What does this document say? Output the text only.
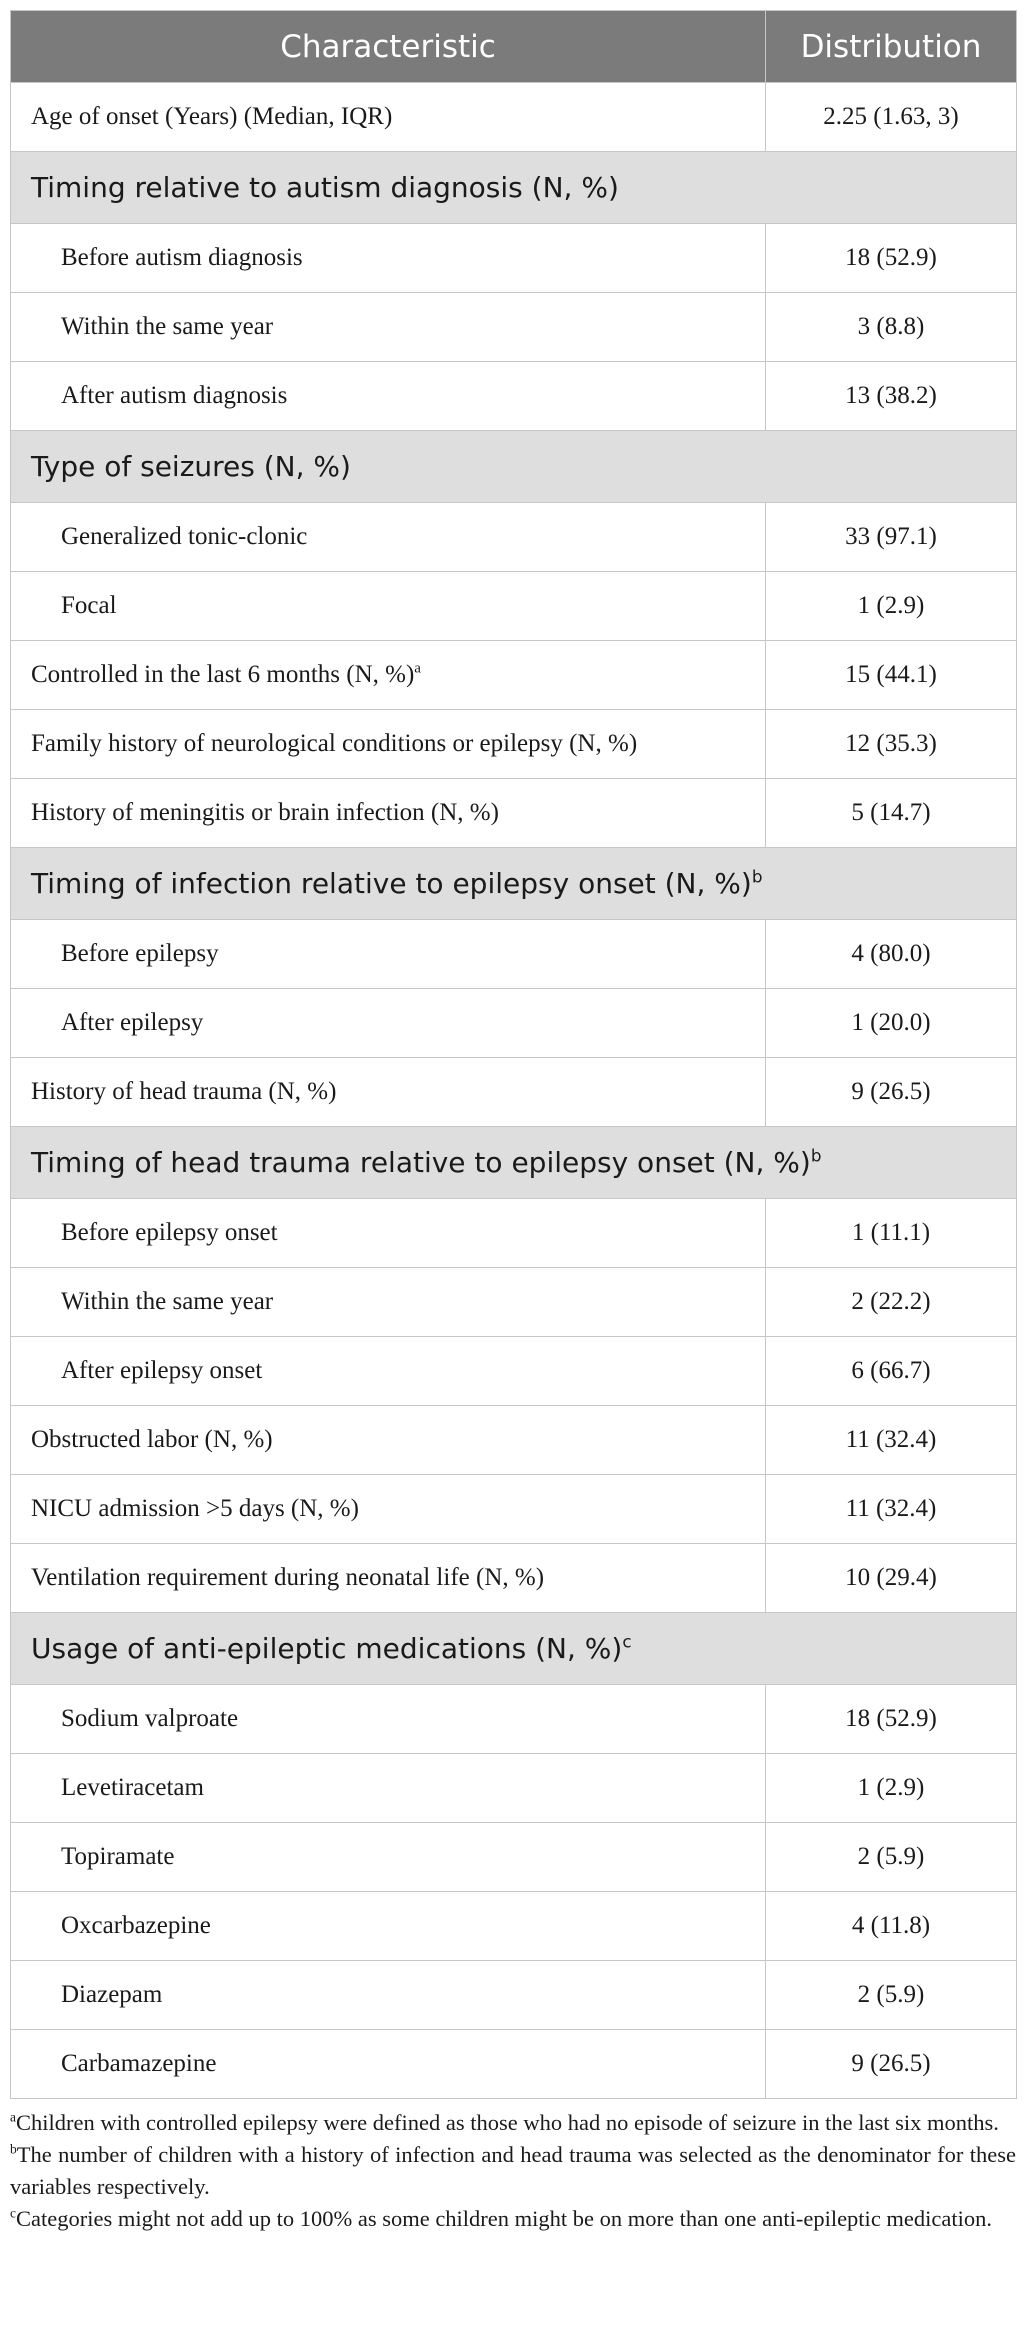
Characteristic	Distribution
Age of onset (Years) (Median, IQR)	2.25 (1.63, 3)
Timing relative to autism diagnosis (N, %)	
Before autism diagnosis	18 (52.9)
Within the same year	3 (8.8)
After autism diagnosis	13 (38.2)
Type of seizures (N, %)	
Generalized tonic-clonic	33 (97.1)
Focal	1 (2.9)
Controlled in the last 6 months (N, %)$^a$	15 (44.1)
Family history of neurological conditions or epilepsy (N, %)	12 (35.3)
History of meningitis or brain infection (N, %)	5 (14.7)
Timing of infection relative to epilepsy onset (N, %)$^b$
Before epilepsy	4 (80.0)
After epilepsy	1 (20.0)
History of head trauma (N, %)	9 (26.5)
Timing of head trauma relative to epilepsy onset (N, %)$^b$
Before epilepsy onset	1 (11.1)
Within the same year	2 (22.2)
After epilepsy onset	6 (66.7)
Obstructed labor (N, %)	11 (32.4)
NICU admission >5 days (N, %)	11 (32.4)
Ventilation requirement during neonatal life (N, %)	10 (29.4)
Usage of anti-epileptic medications (N, %)$^c$
Sodium valproate	18 (52.9)
Levetiracetam	1 (2.9)
Topiramate	2 (5.9)
Oxcarbazepine	4 (11.8)
Diazepam	2 (5.9)
Carbamazepine	9 (26.5)
$^a$Children with controlled epilepsy were defined as those who had no episode of seizure in the last six months.
$^b$The number of children with a history of infection and head trauma was selected as the denominator for these variables respectively.
$^c$Categories might not add up to 100% as some children might be on more than one anti-epileptic medication.
